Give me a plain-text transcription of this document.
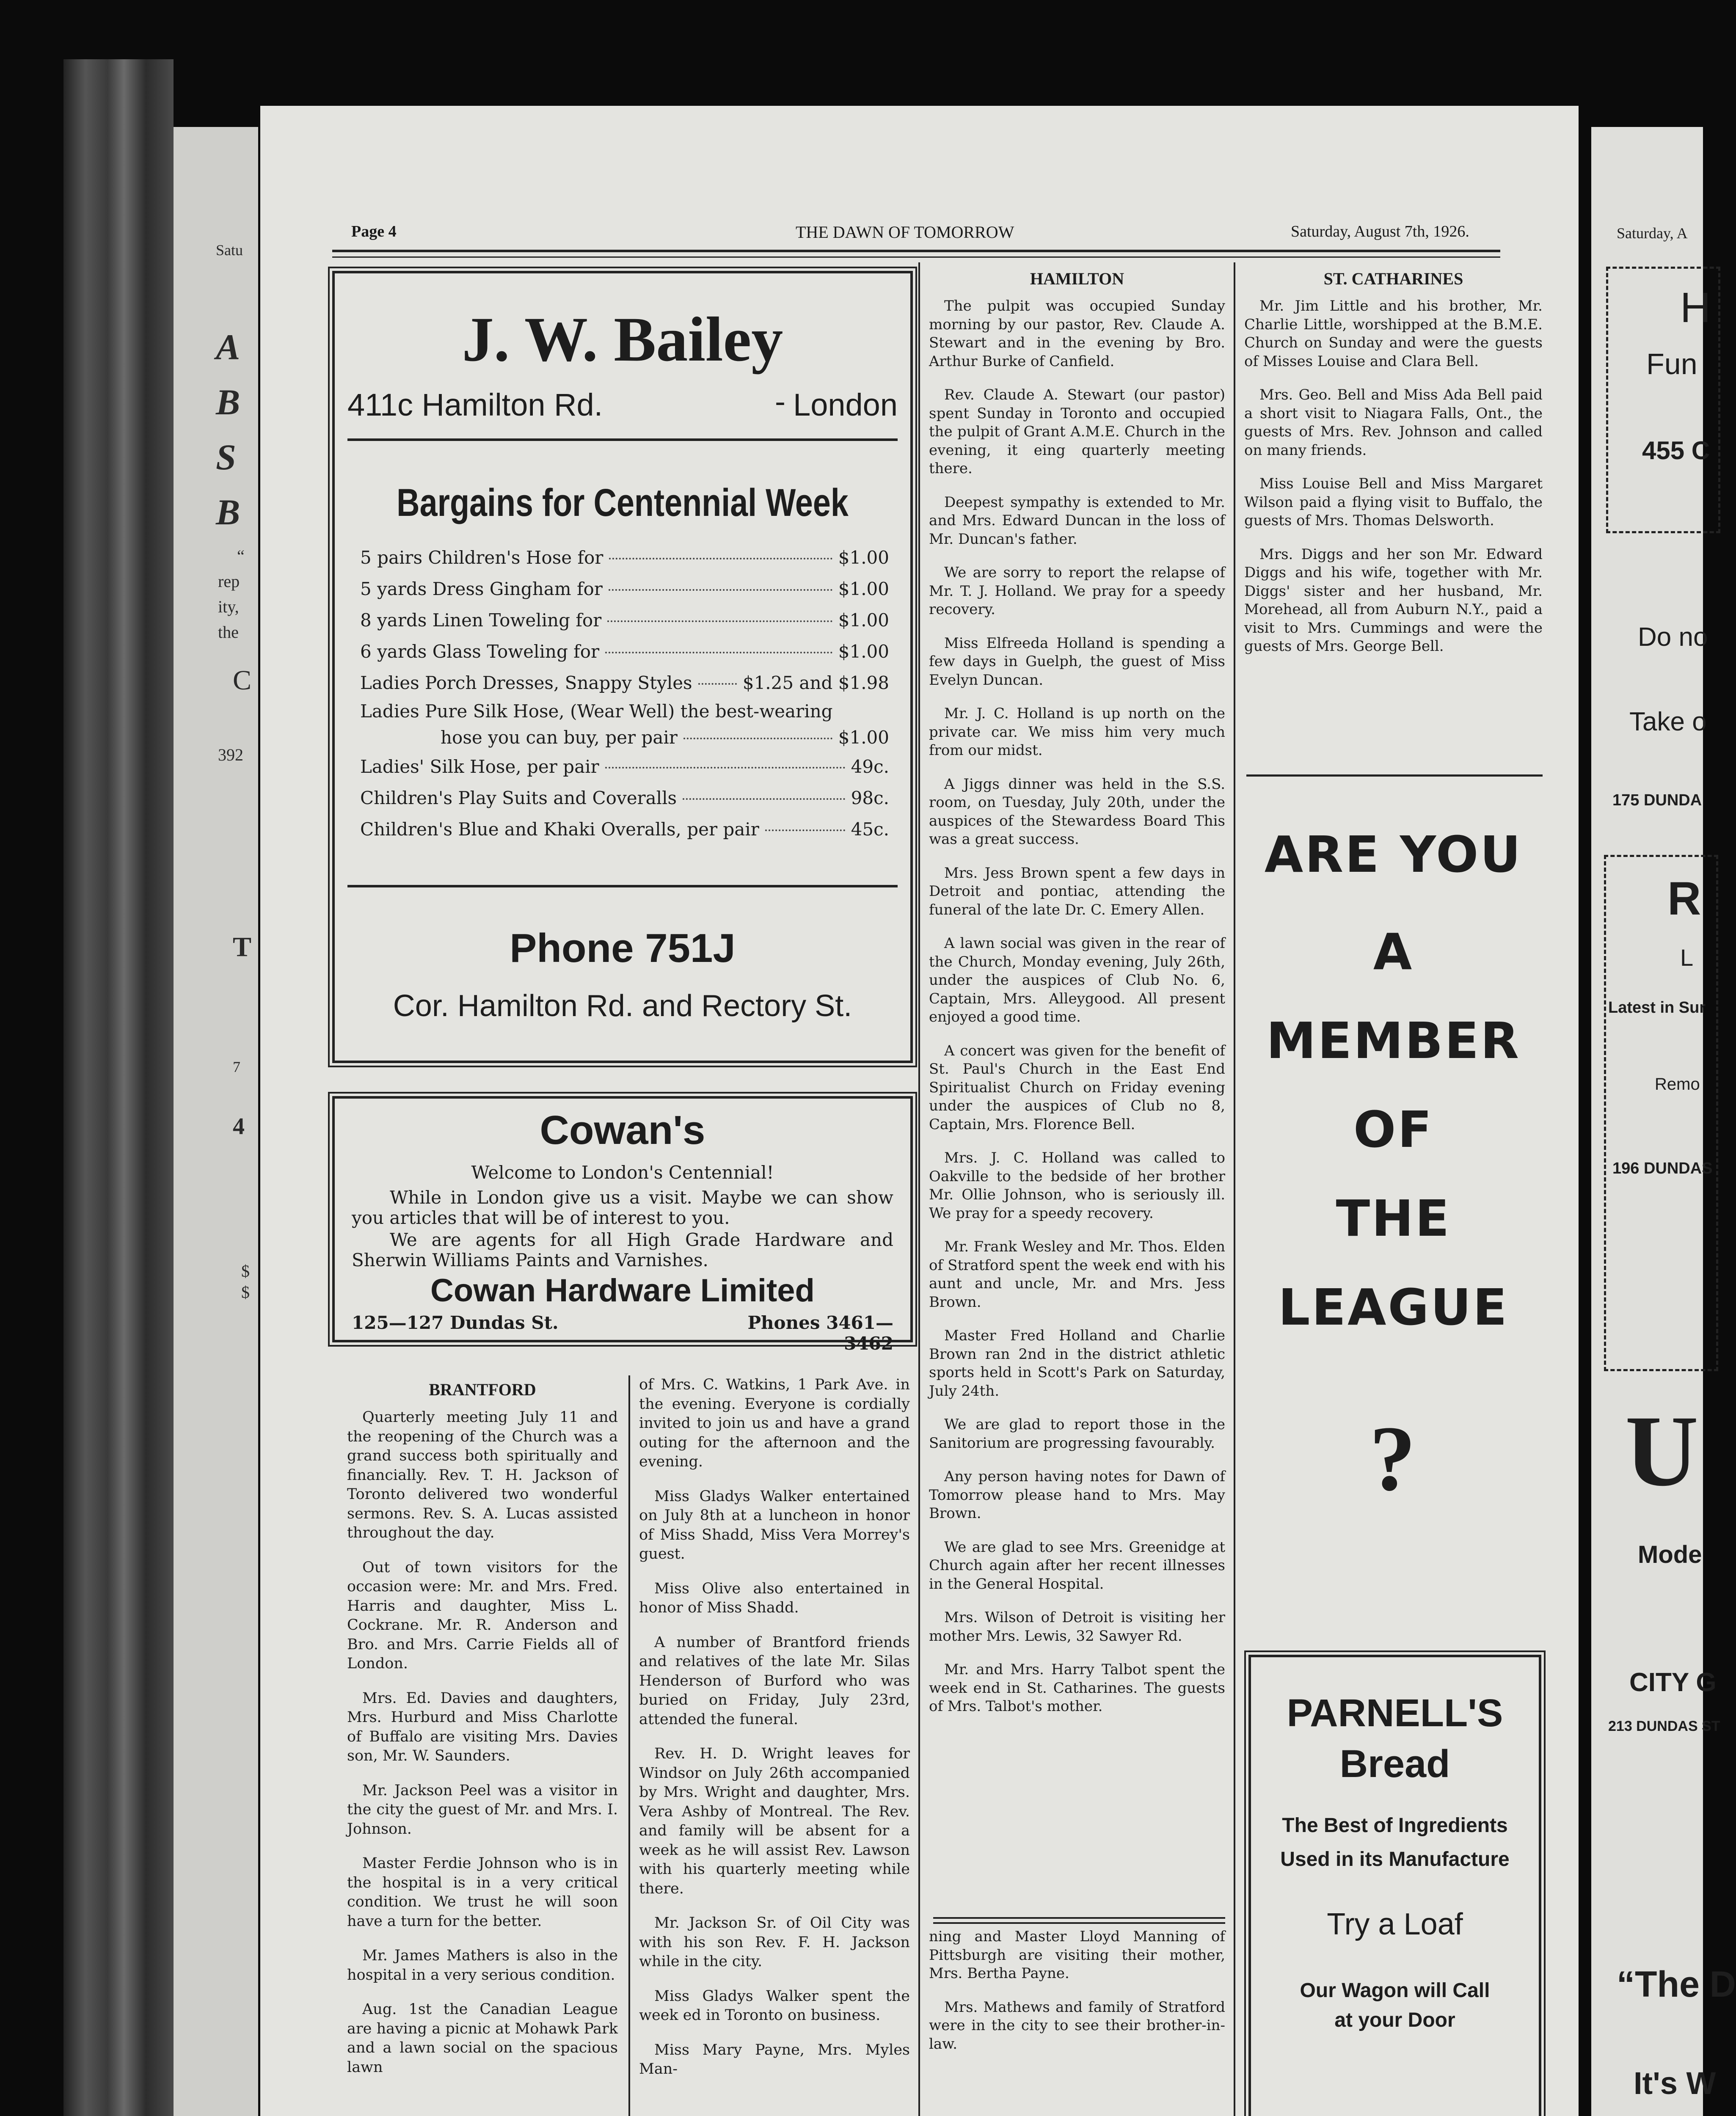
Satu
A
B
S
B
“
rep
ity,
the
C
392
T
7
4
$
$
Saturday, A
H
Fun
455 C
Do no
Take o
175 DUNDA
R
L
Latest in Sur
Remo
196 DUNDAS
U
Mode
CITY G
213 DUNDAS ST
“The D
It's W
Page 4	THE DAWN OF TOMORROW	Saturday, August 7th, 1926.
J. W. Bailey
411c Hamilton Rd.	- London
Bargains for Centennial Week
5 pairs Children's Hose for	$1.00
5 yards Dress Gingham for	$1.00
8 yards Linen Toweling for	$1.00
6 yards Glass Toweling for	$1.00
Ladies Porch Dresses, Snappy Styles	$1.25 and $1.98
Ladies Pure Silk Hose, (Wear Well) the best-wearing
hose you can buy, per pair	$1.00
Ladies' Silk Hose, per pair	49c.
Children's Play Suits and Coveralls	98c.
Children's Blue and Khaki Overalls, per pair	45c.
Phone 751J
Cor. Hamilton Rd. and Rectory St.
Cowan's
Welcome to London's Centennial!
While in London give us a visit. Maybe we can show you articles that will be of interest to you.
We are agents for all High Grade Hardware and Sherwin Williams Paints and Varnishes.
Cowan Hardware Limited
125—127 Dundas St.	Phones 3461—3462
BRANTFORD

Quarterly meeting July 11 and the reopening of the Church was a grand success both spiritually and financially. Rev. T. H. Jackson of Toronto delivered two wonderful sermons. Rev. S. A. Lucas assisted throughout the day.

Out of town visitors for the occasion were: Mr. and Mrs. Fred. Harris and daughter, Miss L. Cockrane. Mr. R. Anderson and Bro. and Mrs. Carrie Fields all of London.

Mrs. Ed. Davies and daughters, Mrs. Hurburd and Miss Charlotte of Buffalo are visiting Mrs. Davies son, Mr. W. Saunders.

Mr. Jackson Peel was a visitor in the city the guest of Mr. and Mrs. I. Johnson.

Master Ferdie Johnson who is in the hospital is in a very critical condition. We trust he will soon have a turn for the better.

Mr. James Mathers is also in the hospital in a very serious condition.

Aug. 1st the Canadian League are having a picnic at Mohawk Park and a lawn social on the spacious lawn

of Mrs. C. Watkins, 1 Park Ave. in the evening. Everyone is cordially invited to join us and have a grand outing for the afternoon and the evening.

Miss Gladys Walker entertained on July 8th at a luncheon in honor of Miss Shadd, Miss Vera Morrey's guest.

Miss Olive also entertained in honor of Miss Shadd.

A number of Brantford friends and relatives of the late Mr. Silas Henderson of Burford who was buried on Friday, July 23rd, attended the funeral.

Rev. H. D. Wright leaves for Windsor on July 26th accompanied by Mrs. Wright and daughter, Mrs. Vera Ashby of Montreal. The Rev. and family will be absent for a week as he will assist Rev. Lawson with his quarterly meeting while there.

Mr. Jackson Sr. of Oil City was with his son Rev. F. H. Jackson while in the city.

Miss Gladys Walker spent the week ed in Toronto on business.

Miss Mary Payne, Mrs. Myles Man-

HAMILTON

The pulpit was occupied Sunday morning by our pastor, Rev. Claude A. Stewart and in the evening by Bro. Arthur Burke of Canfield.

Rev. Claude A. Stewart (our pastor) spent Sunday in Toronto and occupied the pulpit of Grant A.M.E. Church in the evening, it eing quarterly meeting there.

Deepest sympathy is extended to Mr. and Mrs. Edward Duncan in the loss of Mr. Duncan's father.

We are sorry to report the relapse of Mr. T. J. Holland. We pray for a speedy recovery.

Miss Elfreeda Holland is spending a few days in Guelph, the guest of Miss Evelyn Duncan.

Mr. J. C. Holland is up north on the private car. We miss him very much from our midst.

A Jiggs dinner was held in the S.S. room, on Tuesday, July 20th, under the auspices of the Stewardess Board This was a great success.

Mrs. Jess Brown spent a few days in Detroit and pontiac, attending the funeral of the late Dr. C. Emery Allen.

A lawn social was given in the rear of the Church, Monday evening, July 26th, under the auspices of Club No. 6, Captain, Mrs. Alleygood. All present enjoyed a good time.

A concert was given for the benefit of St. Paul's Church in the East End Spiritualist Church on Friday evening under the auspices of Club no 8, Captain, Mrs. Florence Bell.

Mrs. J. C. Holland was called to Oakville to the bedside of her brother Mr. Ollie Johnson, who is seriously ill. We pray for a speedy recovery.

Mr. Frank Wesley and Mr. Thos. Elden of Stratford spent the week end with his aunt and uncle, Mr. and Mrs. Jess Brown.

Master Fred Holland and Charlie Brown ran 2nd in the district athletic sports held in Scott's Park on Saturday, July 24th.

We are glad to report those in the Sanitorium are progressing favourably.

Any person having notes for Dawn of Tomorrow please hand to Mrs. May Brown.

We are glad to see Mrs. Greenidge at Church again after her recent illnesses in the General Hospital.

Mrs. Wilson of Detroit is visiting her mother Mrs. Lewis, 32 Sawyer Rd.

Mr. and Mrs. Harry Talbot spent the week end in St. Catharines. The guests of Mrs. Talbot's mother.

ning and Master Lloyd Manning of Pittsburgh are visiting their mother, Mrs. Bertha Payne.

Mrs. Mathews and family of Stratford were in the city to see their brother-in-law.

ST. CATHARINES

Mr. Jim Little and his brother, Mr. Charlie Little, worshipped at the B.M.E. Church on Sunday and were the guests of Misses Louise and Clara Bell.

Mrs. Geo. Bell and Miss Ada Bell paid a short visit to Niagara Falls, Ont., the guests of Mrs. Rev. Johnson and called on many friends.

Miss Louise Bell and Miss Margaret Wilson paid a flying visit to Buffalo, the guests of Mrs. Thomas Delsworth.

Mrs. Diggs and her son Mr. Edward Diggs and his wife, together with Mr. Diggs' sister and her husband, Mr. Morehead, all from Auburn N.Y., paid a visit to Mrs. Cummings and were the guests of Mrs. George Bell.

ARE YOU
A
MEMBER
OF
THE
LEAGUE
?
PARNELL'S
Bread
The Best of Ingredients
Used in its Manufacture
Try a Loaf
Our Wagon will Call
at your Door
